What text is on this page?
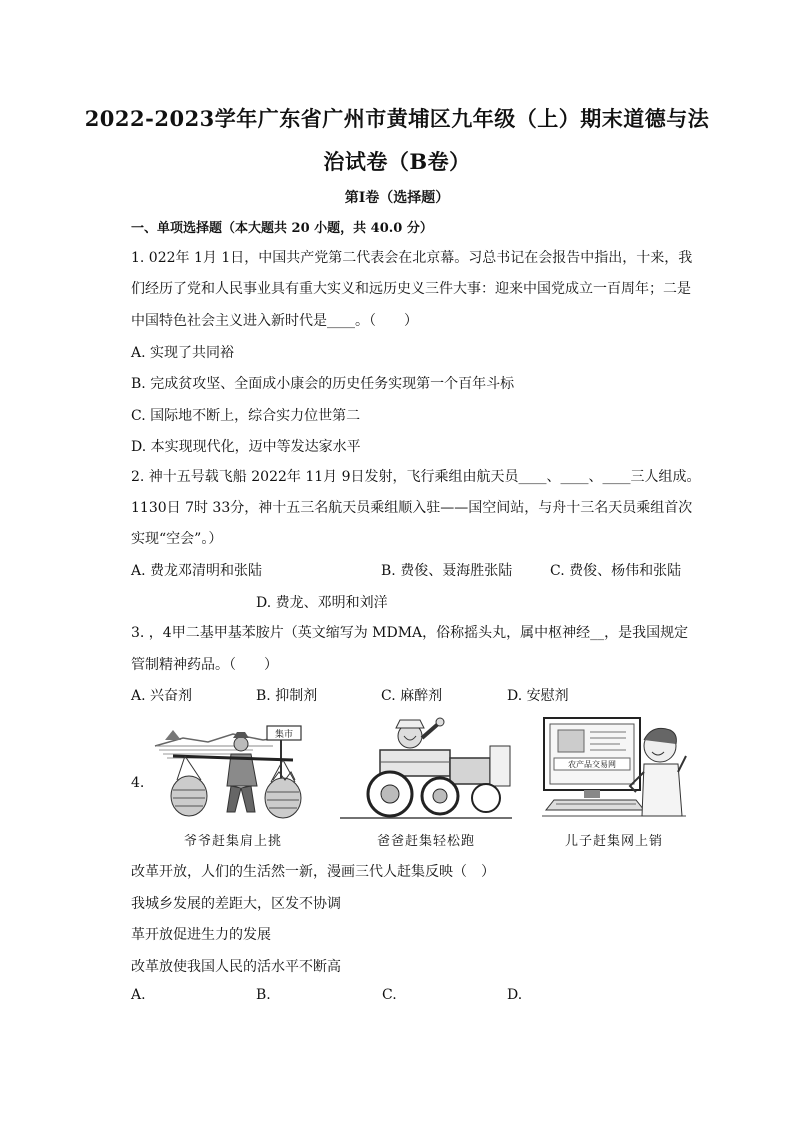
2022-2023学年广东省广州市黄埔区九年级（上）期末道德与法
治试卷（B卷）
第Ⅰ卷（选择题）
一、单项选择题（本大题共 20 小题，共 40.0 分）
1. 022年 1月 1日，中国共产党第二代表会在北京幕。习总书记在会报告中指出，十来，我
们经历了党和人民事业具有重大实义和远历史义三件大事：迎来中国党成立一百周年；二是
中国特色社会主义进入新时代是____。（　　）
A. 实现了共同裕
B. 完成贫攻坚、全面成小康会的历史任务实现第一个百年斗标
C. 国际地不断上，综合实力位世第二
D. 本实现现代化，迈中等发达家水平
2. 神十五号载飞船 2022年 11月 9日发射，飞行乘组由航天员____、____、____三人组成。
1130日 7时 33分，神十五三名航天员乘组顺入驻——国空间站，与舟十三名天员乘组首次
实现“空会”。）
A. 费龙邓清明和张陆	B. 费俊、聂海胜张陆	C. 费俊、杨伟和张陆
D. 费龙、邓明和刘洋
3. ，4甲二基甲基苯胺片（英文缩写为 MDMA，俗称摇头丸，属中枢神经__，是我国规定
管制精神药品。（　　）
A. 兴奋剂	B. 抑制剂	C. 麻醉剂	D. 安慰剂
4.
集市
农产品交易网
爷爷赶集肩上挑	爸爸赶集轻松跑	儿子赶集网上销
改革开放，人们的生活然一新，漫画三代人赶集反映（　）
我城乡发展的差距大，区发不协调
革开放促进生力的发展
改革放使我国人民的活水平不断高
A.	B.	C.	D.
